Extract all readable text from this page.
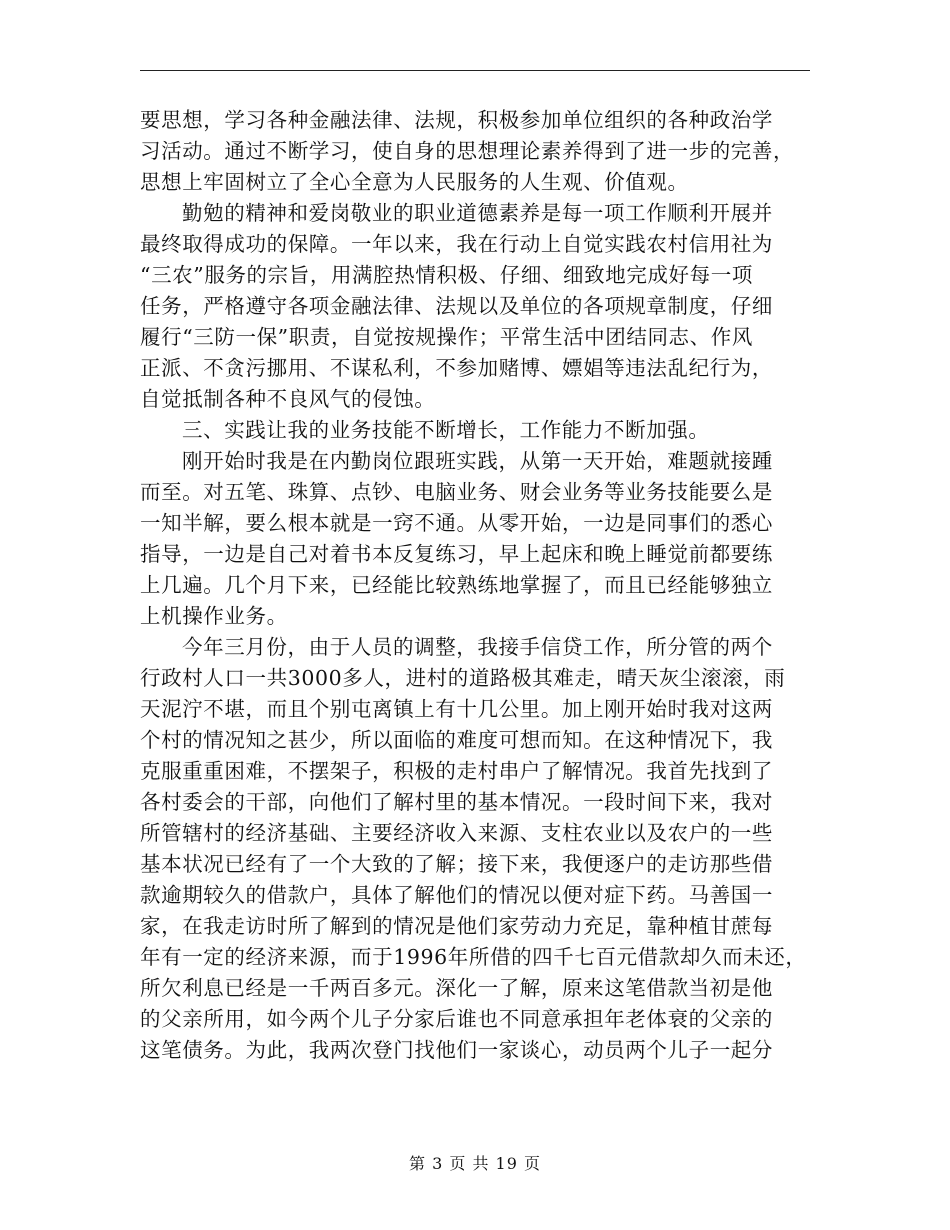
要思想，学习各种金融法律、法规，积极参加单位组织的各种政治学
习活动。通过不断学习，使自身的思想理论素养得到了进一步的完善，
思想上牢固树立了全心全意为人民服务的人生观、价值观。
勤勉的精神和爱岗敬业的职业道德素养是每一项工作顺利开展并
最终取得成功的保障。一年以来，我在行动上自觉实践农村信用社为
“三农”服务的宗旨，用满腔热情积极、仔细、细致地完成好每一项
任务，严格遵守各项金融法律、法规以及单位的各项规章制度，仔细
履行“三防一保”职责，自觉按规操作；平常生活中团结同志、作风
正派、不贪污挪用、不谋私利，不参加赌博、嫖娼等违法乱纪行为，
自觉抵制各种不良风气的侵蚀。
三、实践让我的业务技能不断增长，工作能力不断加强。
刚开始时我是在内勤岗位跟班实践，从第一天开始，难题就接踵
而至。对五笔、珠算、点钞、电脑业务、财会业务等业务技能要么是
一知半解，要么根本就是一窍不通。从零开始，一边是同事们的悉心
指导，一边是自己对着书本反复练习，早上起床和晚上睡觉前都要练
上几遍。几个月下来，已经能比较熟练地掌握了，而且已经能够独立
上机操作业务。
今年三月份，由于人员的调整，我接手信贷工作，所分管的两个
行政村人口一共3000多人，进村的道路极其难走，晴天灰尘滚滚，雨
天泥泞不堪，而且个别屯离镇上有十几公里。加上刚开始时我对这两
个村的情况知之甚少，所以面临的难度可想而知。在这种情况下，我
克服重重困难，不摆架子，积极的走村串户了解情况。我首先找到了
各村委会的干部，向他们了解村里的基本情况。一段时间下来，我对
所管辖村的经济基础、主要经济收入来源、支柱农业以及农户的一些
基本状况已经有了一个大致的了解；接下来，我便逐户的走访那些借
款逾期较久的借款户，具体了解他们的情况以便对症下药。马善国一
家，在我走访时所了解到的情况是他们家劳动力充足，靠种植甘蔗每
年有一定的经济来源，而于1996年所借的四千七百元借款却久而未还，
所欠利息已经是一千两百多元。深化一了解，原来这笔借款当初是他
的父亲所用，如今两个儿子分家后谁也不同意承担年老体衰的父亲的
这笔债务。为此，我两次登门找他们一家谈心，动员两个儿子一起分
第 3 页 共 19 页
